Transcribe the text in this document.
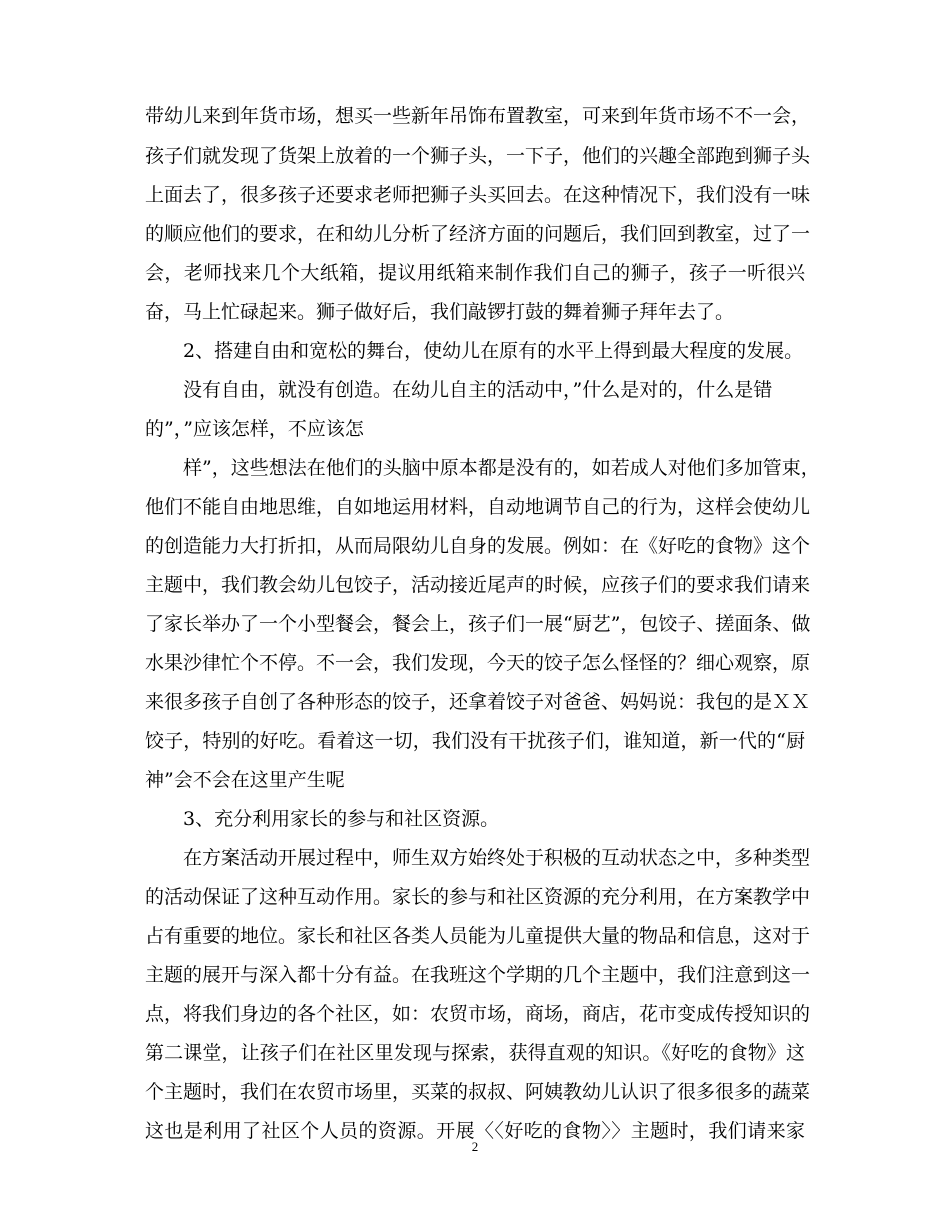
带幼儿来到年货市场，想买一些新年吊饰布置教室，可来到年货市场不不一会，
孩子们就发现了货架上放着的一个狮子头，一下子，他们的兴趣全部跑到狮子头
上面去了，很多孩子还要求老师把狮子头买回去。在这种情况下，我们没有一味
的顺应他们的要求，在和幼儿分析了经济方面的问题后，我们回到教室，过了一
会，老师找来几个大纸箱，提议用纸箱来制作我们自己的狮子，孩子一听很兴
奋，马上忙碌起来。狮子做好后，我们敲锣打鼓的舞着狮子拜年去了。
　　2、搭建自由和宽松的舞台，使幼儿在原有的水平上得到最大程度的发展。
　　没有自由，就没有创造。在幼儿自主的活动中，”什么是对的，什么是错
的”，”应该怎样，不应该怎
　　样”，这些想法在他们的头脑中原本都是没有的，如若成人对他们多加管束，
他们不能自由地思维，自如地运用材料，自动地调节自己的行为，这样会使幼儿
的创造能力大打折扣，从而局限幼儿自身的发展。例如：在《好吃的食物》这个
主题中，我们教会幼儿包饺子，活动接近尾声的时候，应孩子们的要求我们请来
了家长举办了一个小型餐会，餐会上，孩子们一展“厨艺”，包饺子、搓面条、做
水果沙律忙个不停。不一会，我们发现，今天的饺子怎么怪怪的？细心观察，原
来很多孩子自创了各种形态的饺子，还拿着饺子对爸爸、妈妈说：我包的是ＸＸ
饺子，特别的好吃。看着这一切，我们没有干扰孩子们，谁知道，新一代的“厨
神”会不会在这里产生呢
　　3、充分利用家长的参与和社区资源。
　　在方案活动开展过程中，师生双方始终处于积极的互动状态之中，多种类型
的活动保证了这种互动作用。家长的参与和社区资源的充分利用，在方案教学中
占有重要的地位。家长和社区各类人员能为儿童提供大量的物品和信息，这对于
主题的展开与深入都十分有益。在我班这个学期的几个主题中，我们注意到这一
点，将我们身边的各个社区，如：农贸市场，商场，商店，花市变成传授知识的
第二课堂，让孩子们在社区里发现与探索，获得直观的知识。《好吃的食物》这
个主题时，我们在农贸市场里，买菜的叔叔、阿姨教幼儿认识了很多很多的蔬菜
这也是利用了社区个人员的资源。开展〈〈好吃的食物〉〉主题时，我们请来家
2
